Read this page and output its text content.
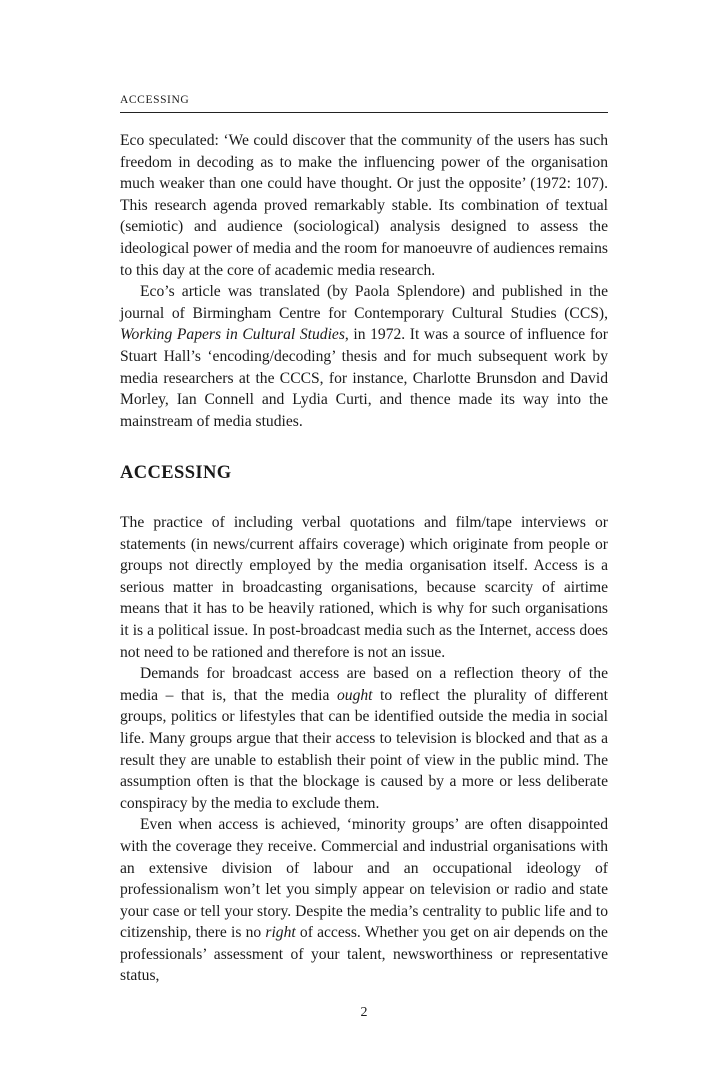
ACCESSING

Eco speculated: ‘We could discover that the community of the users has such freedom in decoding as to make the influencing power of the organisation much weaker than one could have thought. Or just the opposite’ (1972: 107). This research agenda proved remarkably stable. Its combination of textual (semiotic) and audience (sociological) analysis designed to assess the ideological power of media and the room for manoeuvre of audiences remains to this day at the core of academic media research.

Eco’s article was translated (by Paola Splendore) and published in the journal of Birmingham Centre for Contemporary Cultural Studies (CCS), Working Papers in Cultural Studies, in 1972. It was a source of influence for Stuart Hall’s ‘encoding/decoding’ thesis and for much subsequent work by media researchers at the CCCS, for instance, Charlotte Brunsdon and David Morley, Ian Connell and Lydia Curti, and thence made its way into the mainstream of media studies.

ACCESSING

The practice of including verbal quotations and film/tape interviews or statements (in news/current affairs coverage) which originate from people or groups not directly employed by the media organisation itself. Access is a serious matter in broadcasting organisations, because scarcity of airtime means that it has to be heavily rationed, which is why for such organisations it is a political issue. In post-broadcast media such as the Internet, access does not need to be rationed and therefore is not an issue.

Demands for broadcast access are based on a reflection theory of the media – that is, that the media ought to reflect the plurality of different groups, politics or lifestyles that can be identified outside the media in social life. Many groups argue that their access to television is blocked and that as a result they are unable to establish their point of view in the public mind. The assumption often is that the blockage is caused by a more or less deliberate conspiracy by the media to exclude them.

Even when access is achieved, ‘minority groups’ are often disappointed with the coverage they receive. Commercial and industrial organisations with an extensive division of labour and an occupational ideology of professionalism won’t let you simply appear on television or radio and state your case or tell your story. Despite the media’s centrality to public life and to citizenship, there is no right of access. Whether you get on air depends on the professionals’ assessment of your talent, newsworthiness or representative status,

2
